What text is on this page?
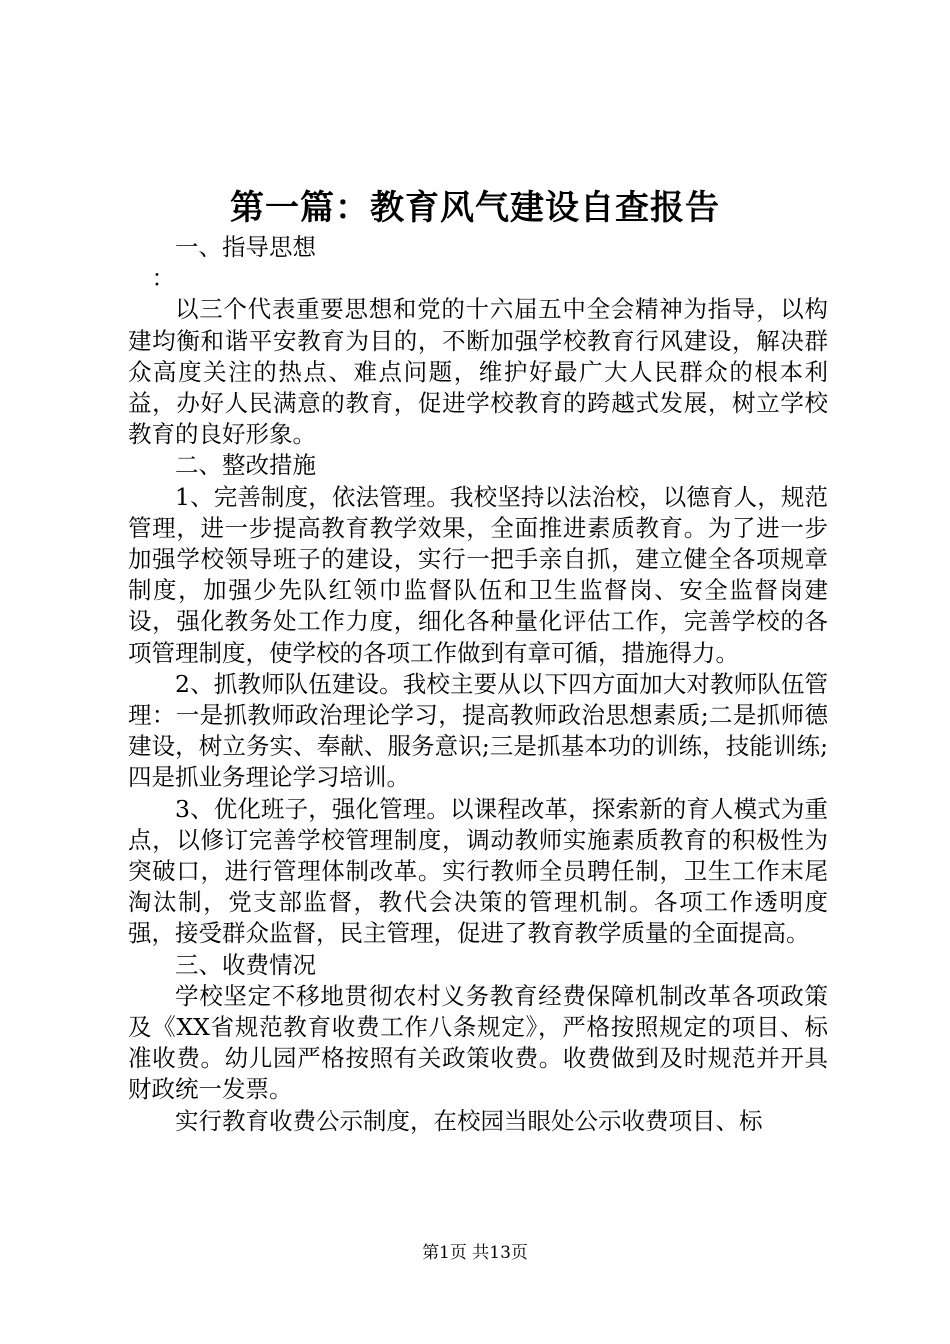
第一篇：教育风气建设自查报告

一、指导思想

：

以三个代表重要思想和党的十六届五中全会精神为指导，以构建均衡和谐平安教育为目的，不断加强学校教育行风建设，解决群众高度关注的热点、难点问题，维护好最广大人民群众的根本利益，办好人民满意的教育，促进学校教育的跨越式发展，树立学校教育的良好形象。

二、整改措施

1、完善制度，依法管理。我校坚持以法治校，以德育人，规范管理，进一步提高教育教学效果，全面推进素质教育。为了进一步加强学校领导班子的建设，实行一把手亲自抓，建立健全各项规章制度，加强少先队红领巾监督队伍和卫生监督岗、安全监督岗建设，强化教务处工作力度，细化各种量化评估工作，完善学校的各项管理制度，使学校的各项工作做到有章可循，措施得力。

2、抓教师队伍建设。我校主要从以下四方面加大对教师队伍管理：一是抓教师政治理论学习，提高教师政治思想素质;二是抓师德建设，树立务实、奉献、服务意识;三是抓基本功的训练，技能训练;四是抓业务理论学习培训。

3、优化班子，强化管理。以课程改革，探索新的育人模式为重点，以修订完善学校管理制度，调动教师实施素质教育的积极性为突破口，进行管理体制改革。实行教师全员聘任制，卫生工作末尾淘汰制，党支部监督，教代会决策的管理机制。各项工作透明度强，接受群众监督，民主管理，促进了教育教学质量的全面提高。

三、收费情况

学校坚定不移地贯彻农村义务教育经费保障机制改革各项政策及《XX省规范教育收费工作八条规定》，严格按照规定的项目、标准收费。幼儿园严格按照有关政策收费。收费做到及时规范并开具财政统一发票。

实行教育收费公示制度，在校园当眼处公示收费项目、标

第1页 共13页
